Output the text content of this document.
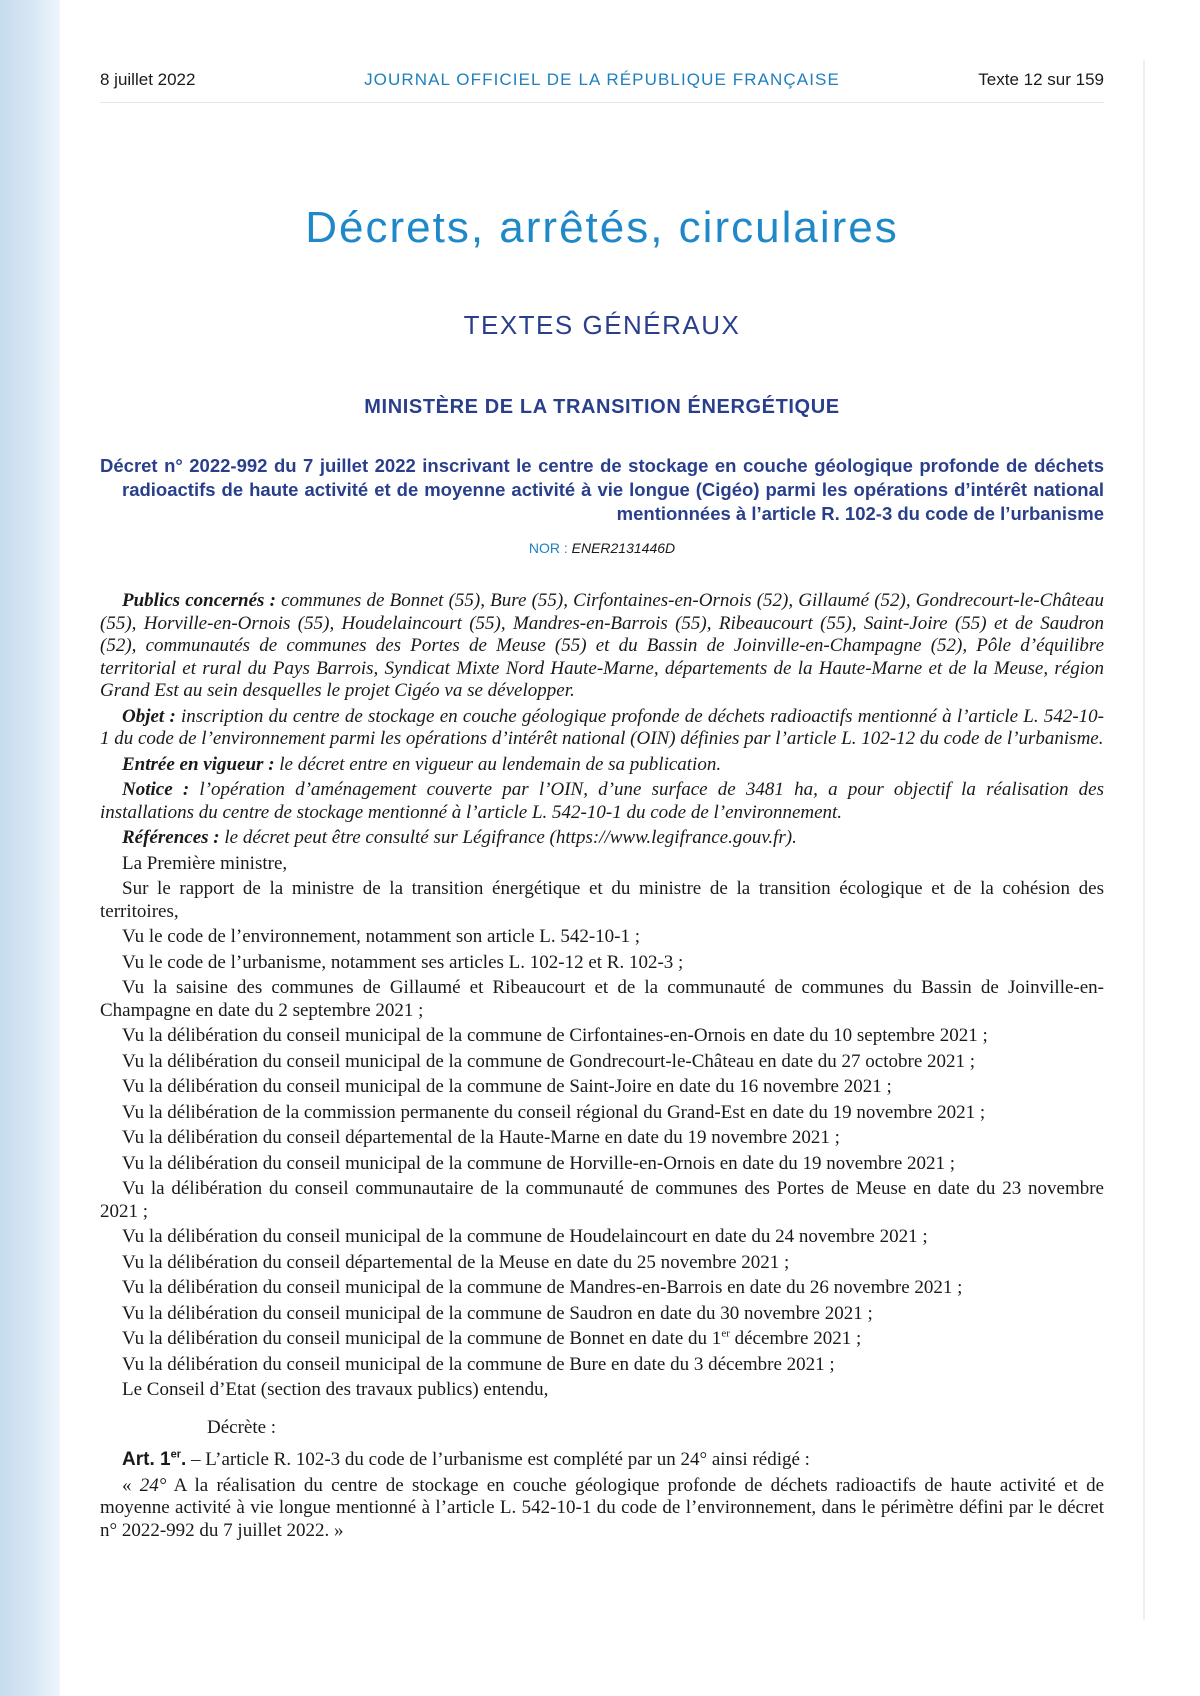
8 juillet 2022	JOURNAL OFFICIEL DE LA RÉPUBLIQUE FRANÇAISE	Texte 12 sur 159
Décrets, arrêtés, circulaires
TEXTES GÉNÉRAUX
MINISTÈRE DE LA TRANSITION ÉNERGÉTIQUE
Décret n° 2022-992 du 7 juillet 2022 inscrivant le centre de stockage en couche géologique profonde de déchets radioactifs de haute activité et de moyenne activité à vie longue (Cigéo) parmi les opérations d’intérêt national mentionnées à l’article R. 102-3 du code de l’urbanisme
NOR : ENER2131446D

Publics concernés : communes de Bonnet (55), Bure (55), Cirfontaines-en-Ornois (52), Gillaumé (52), Gondrecourt-le-Château (55), Horville-en-Ornois (55), Houdelaincourt (55), Mandres-en-Barrois (55), Ribeaucourt (55), Saint-Joire (55) et de Saudron (52), communautés de communes des Portes de Meuse (55) et du Bassin de Joinville-en-Champagne (52), Pôle d’équilibre territorial et rural du Pays Barrois, Syndicat Mixte Nord Haute-Marne, départements de la Haute-Marne et de la Meuse, région Grand Est au sein desquelles le projet Cigéo va se développer.

Objet : inscription du centre de stockage en couche géologique profonde de déchets radioactifs mentionné à l’article L. 542-10-1 du code de l’environnement parmi les opérations d’intérêt national (OIN) définies par l’article L. 102-12 du code de l’urbanisme.

Entrée en vigueur : le décret entre en vigueur au lendemain de sa publication.

Notice : l’opération d’aménagement couverte par l’OIN, d’une surface de 3481 ha, a pour objectif la réalisation des installations du centre de stockage mentionné à l’article L. 542-10-1 du code de l’environnement.

Références : le décret peut être consulté sur Légifrance (https://www.legifrance.gouv.fr).

La Première ministre,

Sur le rapport de la ministre de la transition énergétique et du ministre de la transition écologique et de la cohésion des territoires,

Vu le code de l’environnement, notamment son article L. 542-10-1 ;

Vu le code de l’urbanisme, notamment ses articles L. 102-12 et R. 102-3 ;

Vu la saisine des communes de Gillaumé et Ribeaucourt et de la communauté de communes du Bassin de Joinville-en-Champagne en date du 2 septembre 2021 ;

Vu la délibération du conseil municipal de la commune de Cirfontaines-en-Ornois en date du 10 septembre 2021 ;

Vu la délibération du conseil municipal de la commune de Gondrecourt-le-Château en date du 27 octobre 2021 ;

Vu la délibération du conseil municipal de la commune de Saint-Joire en date du 16 novembre 2021 ;

Vu la délibération de la commission permanente du conseil régional du Grand-Est en date du 19 novembre 2021 ;

Vu la délibération du conseil départemental de la Haute-Marne en date du 19 novembre 2021 ;

Vu la délibération du conseil municipal de la commune de Horville-en-Ornois en date du 19 novembre 2021 ;

Vu la délibération du conseil communautaire de la communauté de communes des Portes de Meuse en date du 23 novembre 2021 ;

Vu la délibération du conseil municipal de la commune de Houdelaincourt en date du 24 novembre 2021 ;

Vu la délibération du conseil départemental de la Meuse en date du 25 novembre 2021 ;

Vu la délibération du conseil municipal de la commune de Mandres-en-Barrois en date du 26 novembre 2021 ;

Vu la délibération du conseil municipal de la commune de Saudron en date du 30 novembre 2021 ;

Vu la délibération du conseil municipal de la commune de Bonnet en date du 1er décembre 2021 ;

Vu la délibération du conseil municipal de la commune de Bure en date du 3 décembre 2021 ;

Le Conseil d’Etat (section des travaux publics) entendu,

Décrète :

Art. 1er. – L’article R. 102-3 du code de l’urbanisme est complété par un 24° ainsi rédigé :

« 24° A la réalisation du centre de stockage en couche géologique profonde de déchets radioactifs de haute activité et de moyenne activité à vie longue mentionné à l’article L. 542-10-1 du code de l’environnement, dans le périmètre défini par le décret n° 2022-992 du 7 juillet 2022. »
